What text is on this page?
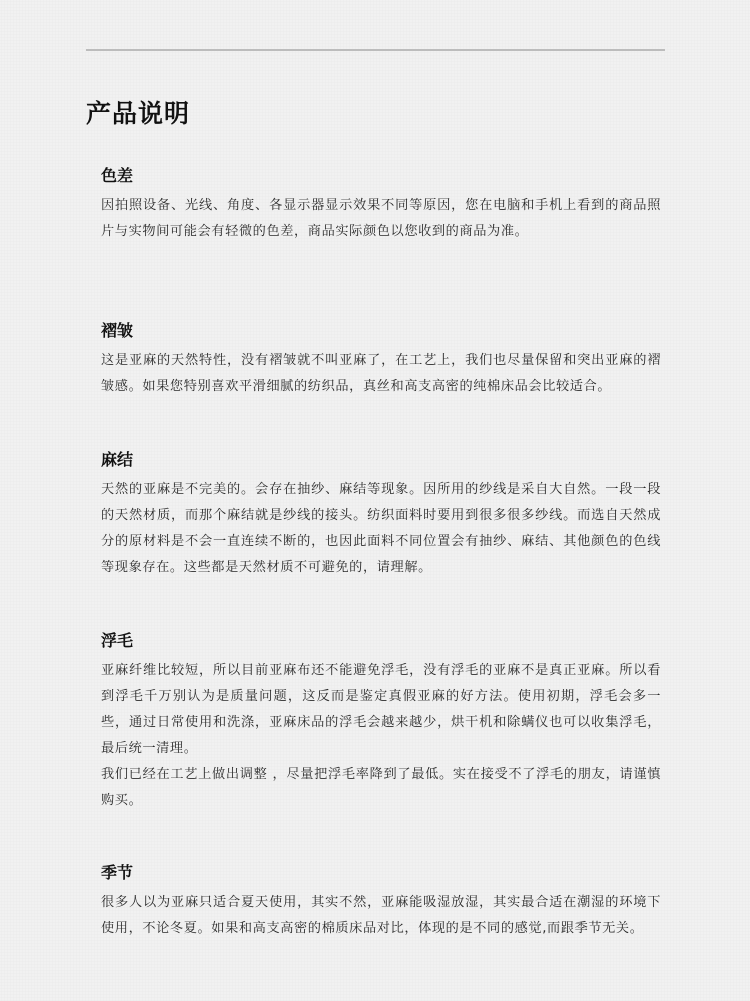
产品说明
色差

因拍照设备、光线、角度、各显示器显示效果不同等原因，您在电脑和手机上看到的商品照片与实物间可能会有轻微的色差，商品实际颜色以您收到的商品为准。

褶皱

这是亚麻的天然特性，没有褶皱就不叫亚麻了，在工艺上，我们也尽量保留和突出亚麻的褶皱感。如果您特别喜欢平滑细腻的纺织品，真丝和高支高密的纯棉床品会比较适合。

麻结

天然的亚麻是不完美的。会存在抽纱、麻结等现象。因所用的纱线是采自大自然。一段一段的天然材质，而那个麻结就是纱线的接头。纺织面料时要用到很多很多纱线。而选自天然成分的原材料是不会一直连续不断的，也因此面料不同位置会有抽纱、麻结、其他颜色的色线等现象存在。这些都是天然材质不可避免的，请理解。

浮毛

亚麻纤维比较短，所以目前亚麻布还不能避免浮毛，没有浮毛的亚麻不是真正亚麻。所以看到浮毛千万别认为是质量问题，这反而是鉴定真假亚麻的好方法。使用初期，浮毛会多一些，通过日常使用和洗涤，亚麻床品的浮毛会越来越少，烘干机和除螨仪也可以收集浮毛，最后统一清理。

我们已经在工艺上做出调整 ，尽量把浮毛率降到了最低。实在接受不了浮毛的朋友，请谨慎购买。

季节

很多人以为亚麻只适合夏天使用，其实不然，亚麻能吸湿放湿，其实最合适在潮湿的环境下使用，不论冬夏。如果和高支高密的棉质床品对比，体现的是不同的感觉,而跟季节无关。
